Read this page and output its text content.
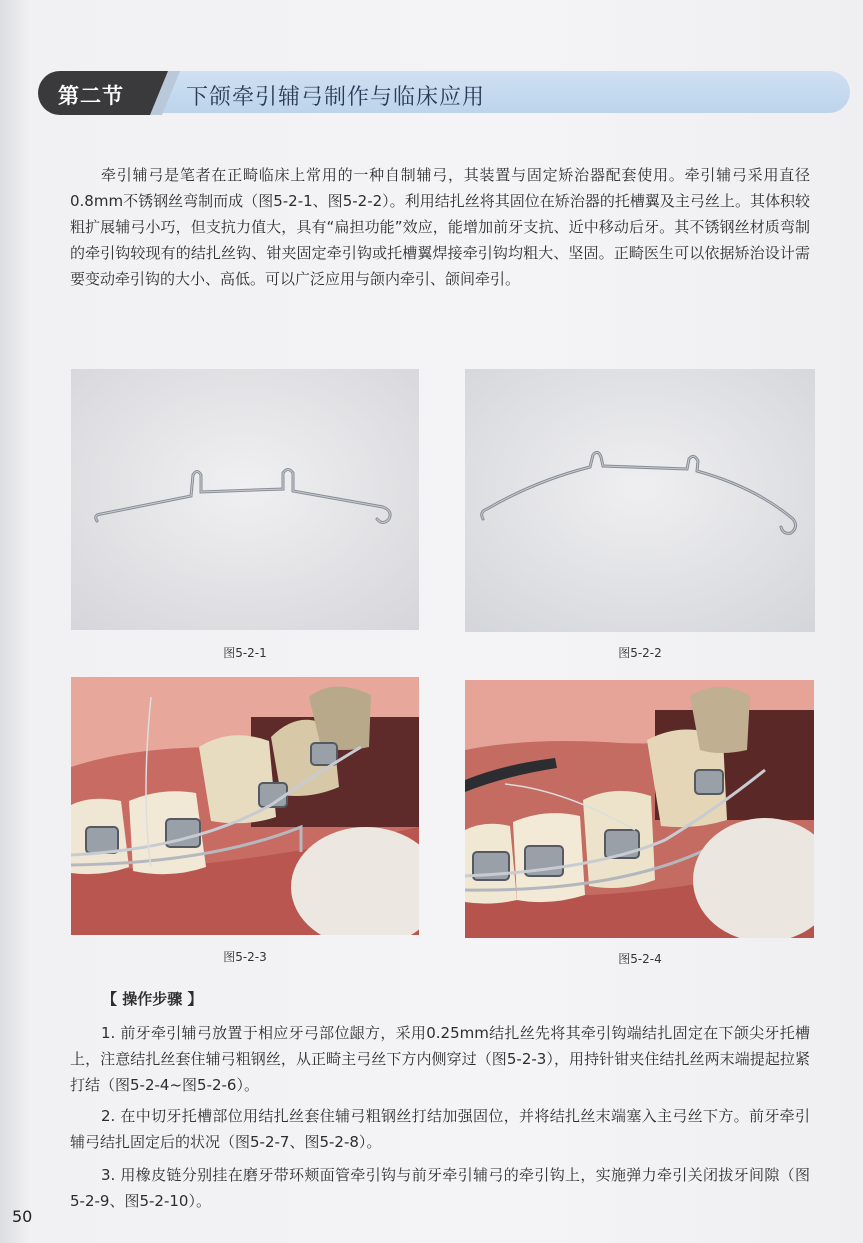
第二节	下颌牵引辅弓制作与临床应用

牵引辅弓是笔者在正畸临床上常用的一种自制辅弓，其装置与固定矫治器配套使用。牵引辅弓采用直径0.8mm不锈钢丝弯制而成（图5-2-1、图5-2-2）。利用结扎丝将其固位在矫治器的托槽翼及主弓丝上。其体积较粗扩展辅弓小巧，但支抗力值大，具有“扁担功能”效应，能增加前牙支抗、近中移动后牙。其不锈钢丝材质弯制的牵引钩较现有的结扎丝钩、钳夹固定牵引钩或托槽翼焊接牵引钩均粗大、坚固。正畸医生可以依据矫治设计需要变动牵引钩的大小、高低。可以广泛应用与颌内牵引、颌间牵引。

图5-2-1	图5-2-2
图5-2-3	图5-2-4
【 操作步骤 】

1. 前牙牵引辅弓放置于相应牙弓部位龈方，采用0.25mm结扎丝先将其牵引钩端结扎固定在下颌尖牙托槽上，注意结扎丝套住辅弓粗钢丝，从正畸主弓丝下方内侧穿过（图5-2-3），用持针钳夹住结扎丝两末端提起拉紧打结（图5-2-4~图5-2-6）。

2. 在中切牙托槽部位用结扎丝套住辅弓粗钢丝打结加强固位，并将结扎丝末端塞入主弓丝下方。前牙牵引辅弓结扎固定后的状况（图5-2-7、图5-2-8）。

3. 用橡皮链分别挂在磨牙带环颊面管牵引钩与前牙牵引辅弓的牵引钩上，实施弹力牵引关闭拔牙间隙（图5-2-9、图5-2-10）。

50
